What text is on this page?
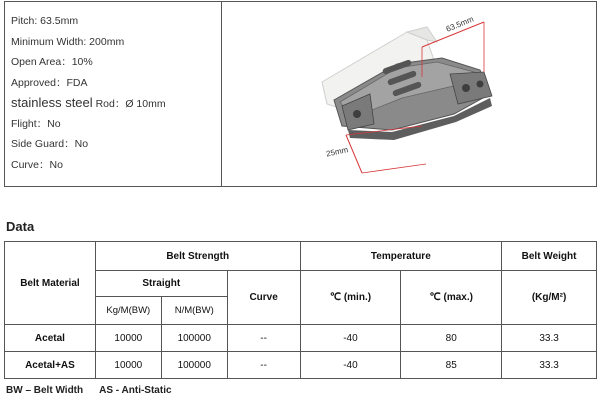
Pitch: 63.5mm
Minimum Width: 200mm
Open Area：10%
Approved：FDA
stainless steel Rod：Ø 10mm
Flight：No
Side Guard：No
Curve：No
63.5mm
25mm
Data
Belt Material	Belt Strength			Temperature		Belt Weight
	Straight		Curve	℃ (min.)	℃ (max.)	(Kg/M²)
	Kg/M(BW)	N/M(BW)				
Acetal	10000	100000	--	-40	80	33.3
Acetal+AS	10000	100000	--	-40	85	33.3
BW – Belt Width AS - Anti-Static
